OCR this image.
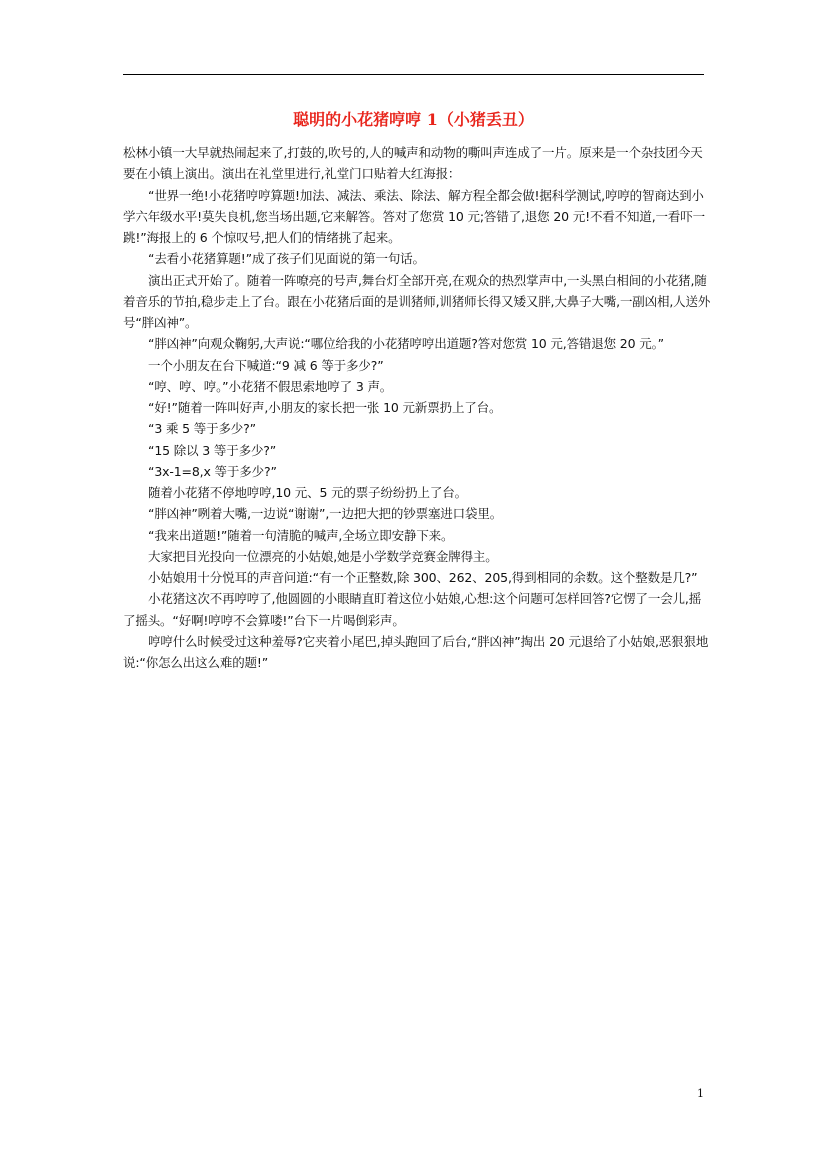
聪明的小花猪哼哼 1（小猪丢丑）

松林小镇一大早就热闹起来了,打鼓的,吹号的,人的喊声和动物的嘶叫声连成了一片。原来是一个杂技团今天要在小镇上演出。演出在礼堂里进行,礼堂门口贴着大红海报：

“世界一绝!小花猪哼哼算题!加法、减法、乘法、除法、解方程全都会做!据科学测试,哼哼的智商达到小学六年级水平!莫失良机,您当场出题,它来解答。答对了您赏 10 元;答错了,退您 20 元!不看不知道,一看吓一跳!”海报上的 6 个惊叹号,把人们的情绪挑了起来。

“去看小花猪算题!”成了孩子们见面说的第一句话。

演出正式开始了。随着一阵嘹亮的号声,舞台灯全部开亮,在观众的热烈掌声中,一头黑白相间的小花猪,随着音乐的节拍,稳步走上了台。跟在小花猪后面的是训猪师,训猪师长得又矮又胖,大鼻子大嘴,一副凶相,人送外号“胖凶神”。

“胖凶神”向观众鞠躬,大声说:“哪位给我的小花猪哼哼出道题?答对您赏 10 元,答错退您 20 元。”

一个小朋友在台下喊道:“9 减 6 等于多少?”

“哼、哼、哼。”小花猪不假思索地哼了 3 声。

“好!”随着一阵叫好声,小朋友的家长把一张 10 元新票扔上了台。

“3 乘 5 等于多少?”

“15 除以 3 等于多少?”

“3x-1=8,x 等于多少?”

随着小花猪不停地哼哼,10 元、5 元的票子纷纷扔上了台。

“胖凶神”咧着大嘴,一边说“谢谢”,一边把大把的钞票塞进口袋里。

“我来出道题!”随着一句清脆的喊声,全场立即安静下来。

大家把目光投向一位漂亮的小姑娘,她是小学数学竞赛金牌得主。

小姑娘用十分悦耳的声音问道:“有一个正整数,除 300、262、205,得到相同的余数。这个整数是几?”

小花猪这次不再哼哼了,他圆圆的小眼睛直盯着这位小姑娘,心想:这个问题可怎样回答?它愣了一会儿,摇了摇头。“好啊!哼哼不会算喽!”台下一片喝倒彩声。

哼哼什么时候受过这种羞辱?它夹着小尾巴,掉头跑回了后台,“胖凶神”掏出 20 元退给了小姑娘,恶狠狠地说:“你怎么出这么难的题!”

1
